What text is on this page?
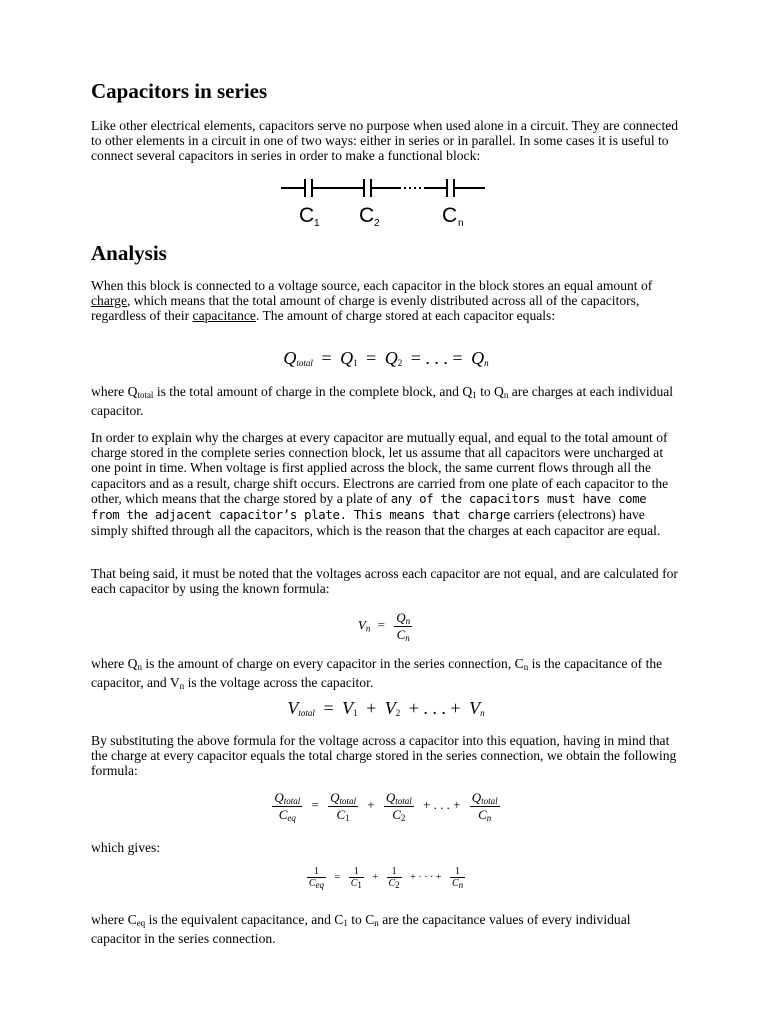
Capacitors in series

Like other electrical elements, capacitors serve no purpose when used alone in a circuit. They are connected to other elements in a circuit in one of two ways: either in series or in parallel. In some cases it is useful to connect several capacitors in series in order to make a functional block:

C 1 C 2	C n
Analysis

When this block is connected to a voltage source, each capacitor in the block stores an equal amount of charge, which means that the total amount of charge is evenly distributed across all of the capacitors, regardless of their capacitance. The amount of charge stored at each capacitor equals:

$Q_{total} = Q_1 = Q_2$ = . . . = $Q_n$

where $Q_{total}$ is the total amount of charge in the complete block, and $Q_1$ to $Q_n$ are charges at each individual capacitor.

In order to explain why the charges at every capacitor are mutually equal, and equal to the total amount of charge stored in the complete series connection block, let us assume that all capacitors were uncharged at one point in time. When voltage is first applied across the block, the same current flows through all the capacitors and as a result, charge shift occurs. Electrons are carried from one plate of each capacitor to the other, which means that the charge stored by a plate of any of the capacitors must have come from the adjacent capacitor’s plate. This means that charge carriers (electrons) have simply shifted through all the capacitors, which is the reason that the charges at each capacitor are equal.

That being said, it must be noted that the voltages across each capacitor are not equal, and are calculated for each capacitor by using the known formula:

$V_n = \frac{Q_n}{C_n}$

where $Q_n$ is the amount of charge on every capacitor in the series connection, $C_n$ is the capacitance of the capacitor, and $V_n$ is the voltage across the capacitor.

$V_{total} = V_1 + V_2$ + . . . + $V_n$

By substituting the above formula for the voltage across a capacitor into this equation, having in mind that the charge at every capacitor equals the total charge stored in the series connection, we obtain the following formula:

$\frac{Q_{total}}{C_{eq}} = \frac{Q_{total}}{C_1} + \frac{Q_{total}}{C_2}$ + . . . + $\frac{Q_{total}}{C_n}$

which gives:

$\frac{1}{\text{Ceq}} = \frac{1}{C1} + \frac{1}{C2}$ + · · · + $\frac{1}{Cn}$

where $C_{eq}$ is the equivalent capacitance, and $C_1$ to $C_n$ are the capacitance values of every individual capacitor in the series connection.
